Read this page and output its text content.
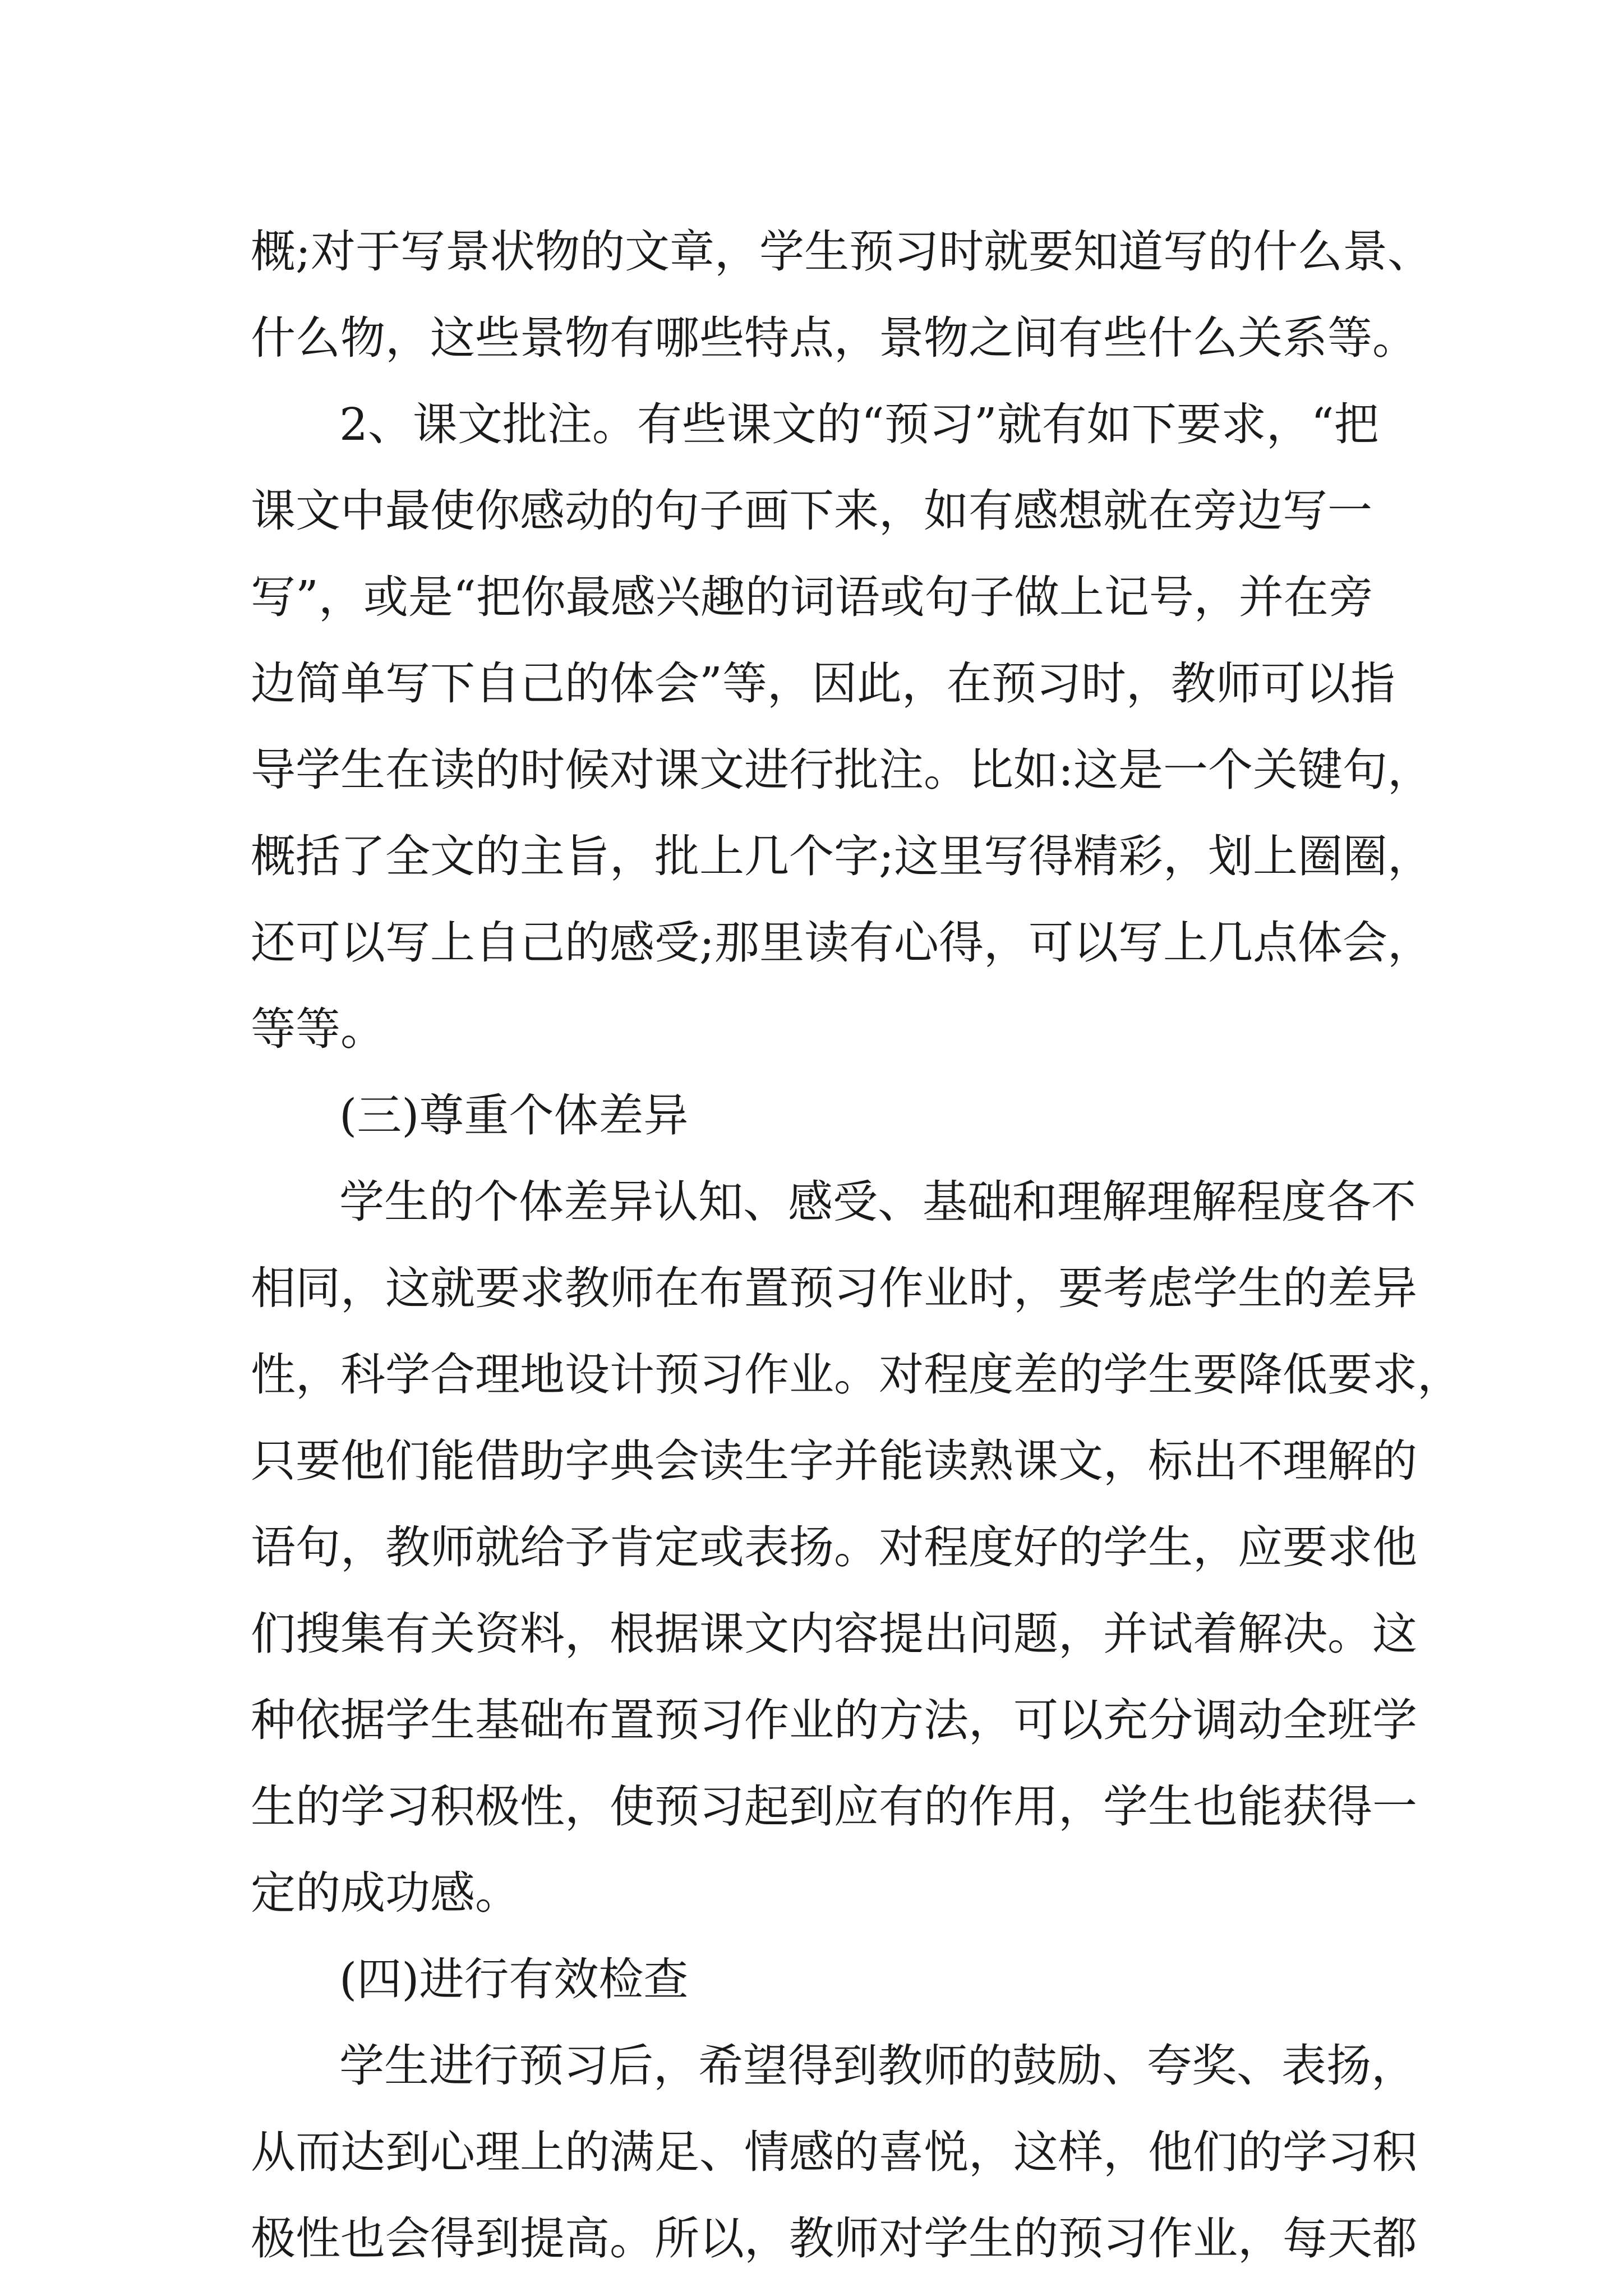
概;对于写景状物的文章，学生预习时就要知道写的什么景、
什么物，这些景物有哪些特点，景物之间有些什么关系等。
2、课文批注。有些课文的“预习”就有如下要求，“把
课文中最使你感动的句子画下来，如有感想就在旁边写一
写”，或是“把你最感兴趣的词语或句子做上记号，并在旁
边简单写下自己的体会”等，因此，在预习时，教师可以指
导学生在读的时候对课文进行批注。比如:这是一个关键句，
概括了全文的主旨，批上几个字;这里写得精彩，划上圈圈，
还可以写上自己的感受;那里读有心得，可以写上几点体会，
等等。
(三)尊重个体差异
学生的个体差异认知、感受、基础和理解理解程度各不
相同，这就要求教师在布置预习作业时，要考虑学生的差异
性，科学合理地设计预习作业。对程度差的学生要降低要求，
只要他们能借助字典会读生字并能读熟课文，标出不理解的
语句，教师就给予肯定或表扬。对程度好的学生，应要求他
们搜集有关资料，根据课文内容提出问题，并试着解决。这
种依据学生基础布置预习作业的方法，可以充分调动全班学
生的学习积极性，使预习起到应有的作用，学生也能获得一
定的成功感。
(四)进行有效检查
学生进行预习后，希望得到教师的鼓励、夸奖、表扬，
从而达到心理上的满足、情感的喜悦，这样，他们的学习积
极性也会得到提高。所以，教师对学生的预习作业，每天都
